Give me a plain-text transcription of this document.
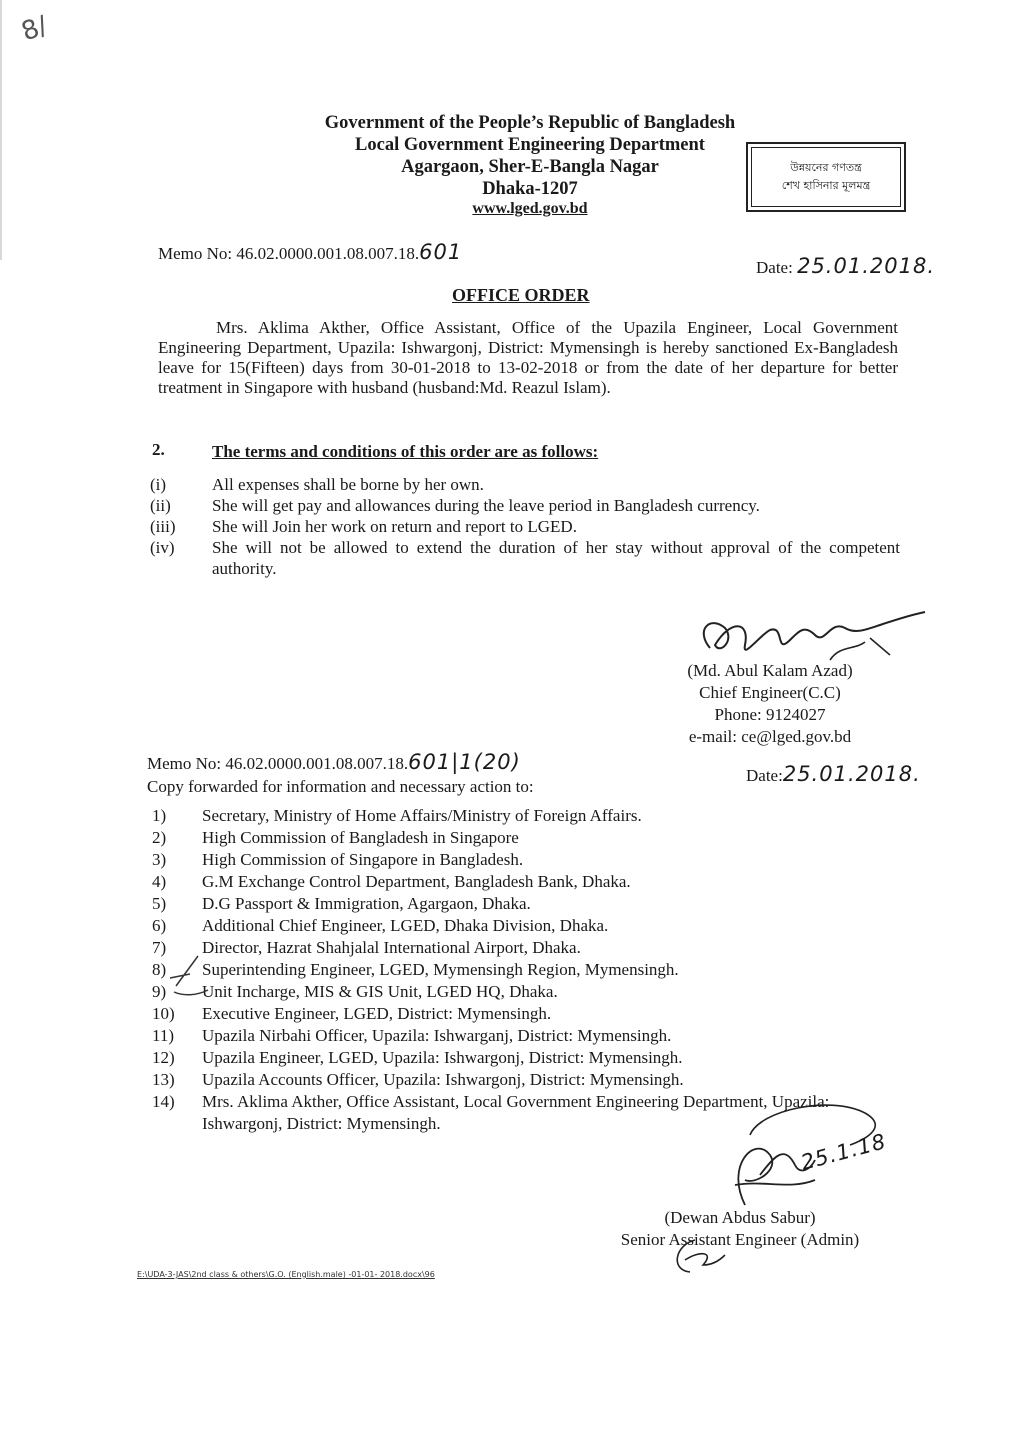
8/
Government of the People’s Republic of Bangladesh
Local Government Engineering Department
Agargaon, Sher-E-Bangla Nagar
Dhaka-1207
www.lged.gov.bd
উন্নয়নের গণতন্ত্র
শেখ হাসিনার মূলমন্ত্র
Memo No: 46.02.0000.001.08.007.18.601
Date: 25.01.2018.
OFFICE ORDER
Mrs. Aklima Akther, Office Assistant, Office of the Upazila Engineer, Local Government Engineering Department, Upazila: Ishwargonj, District: Mymensingh is hereby sanctioned Ex-Bangladesh leave for 15(Fifteen) days from 30-01-2018 to 13-02-2018 or from the date of her departure for better treatment in Singapore with husband (husband:Md. Reazul Islam).
2.	The terms and conditions of this order are as follows:
(i)	All expenses shall be borne by her own.
(ii)	She will get pay and allowances during the leave period in Bangladesh currency.
(iii)	She will Join her work on return and report to LGED.
(iv)	She will not be allowed to extend the duration of her stay without approval of the competent authority.
(Md. Abul Kalam Azad)
Chief Engineer(C.C)
Phone: 9124027
e-mail: ce@lged.gov.bd
Memo No: 46.02.0000.001.08.007.18.601|1(20)
Date:25.01.2018.
Copy forwarded for information and necessary action to:
1)	Secretary, Ministry of Home Affairs/Ministry of Foreign Affairs.
2)	High Commission of Bangladesh in Singapore
3)	High Commission of Singapore in Bangladesh.
4)	G.M Exchange Control Department, Bangladesh Bank, Dhaka.
5)	D.G Passport & Immigration, Agargaon, Dhaka.
6)	Additional Chief Engineer, LGED, Dhaka Division, Dhaka.
7)	Director, Hazrat Shahjalal International Airport, Dhaka.
8)	Superintending Engineer, LGED, Mymensingh Region, Mymensingh.
9)	Unit Incharge, MIS & GIS Unit, LGED HQ, Dhaka.
10)	Executive Engineer, LGED, District: Mymensingh.
11)	Upazila Nirbahi Officer, Upazila: Ishwarganj, District: Mymensingh.
12)	Upazila Engineer, LGED, Upazila: Ishwargonj, District: Mymensingh.
13)	Upazila Accounts Officer, Upazila: Ishwargonj, District: Mymensingh.
14)	Mrs. Aklima Akther, Office Assistant, Local Government Engineering Department, Upazila: Ishwargonj, District: Mymensingh.
25.1.18
(Dewan Abdus Sabur)
Senior Assistant Engineer (Admin)
E:\UDA-3-JAS\2nd class & others\G.O. (English.male) -01-01- 2018.docx\96
